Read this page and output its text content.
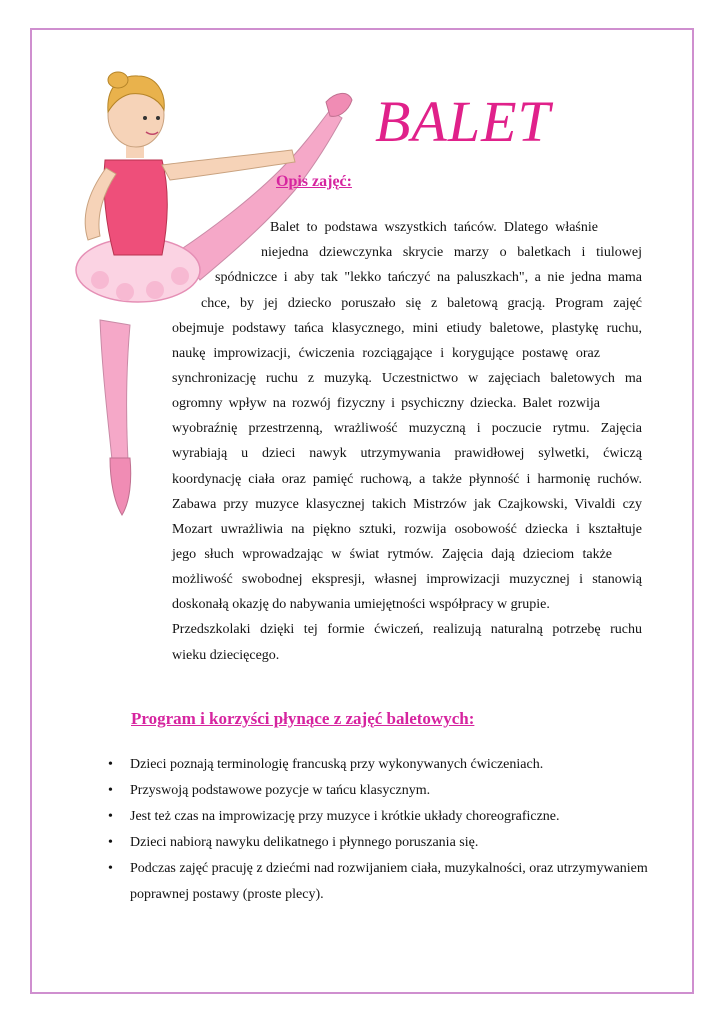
BALET
Opis zajęć:
Balet to podstawa wszystkich tańców. Dlatego właśnie
niejedna dziewczynka skrycie marzy o baletkach i tiulowej
spódniczce i aby tak "lekko tańczyć na paluszkach", a nie jedna mama
chce, by jej dziecko poruszało się z baletową gracją. Program zajęć
obejmuje podstawy tańca klasycznego, mini etiudy baletowe, plastykę ruchu,
naukę improwizacji, ćwiczenia rozciągające i korygujące postawę oraz
synchronizację ruchu z muzyką. Uczestnictwo w zajęciach baletowych ma
ogromny wpływ na rozwój fizyczny i psychiczny dziecka. Balet rozwija
wyobraźnię przestrzenną, wrażliwość muzyczną i poczucie rytmu. Zajęcia
wyrabiają u dzieci nawyk utrzymywania prawidłowej sylwetki, ćwiczą
koordynację ciała oraz pamięć ruchową, a także płynność i harmonię ruchów.
Zabawa przy muzyce klasycznej takich Mistrzów jak Czajkowski, Vivaldi czy
Mozart uwrażliwia na piękno sztuki, rozwija osobowość dziecka i kształtuje
jego słuch wprowadzając w świat rytmów. Zajęcia dają dzieciom także
możliwość swobodnej ekspresji, własnej improwizacji muzycznej i stanowią
doskonałą okazję do nabywania umiejętności współpracy w grupie.
Przedszkolaki dzięki tej formie ćwiczeń, realizują naturalną potrzebę ruchu
wieku dziecięcego.
Program i korzyści płynące z zajęć baletowych:
• Dzieci poznają terminologię francuską przy wykonywanych ćwiczeniach.
• Przyswoją podstawowe pozycje w tańcu klasycznym.
• Jest też czas na improwizację przy muzyce i krótkie układy choreograficzne.
• Dzieci nabiorą nawyku delikatnego i płynnego poruszania się.
• Podczas zajęć pracuję z dziećmi nad rozwijaniem ciała, muzykalności, oraz utrzymywaniem poprawnej postawy (proste plecy).
